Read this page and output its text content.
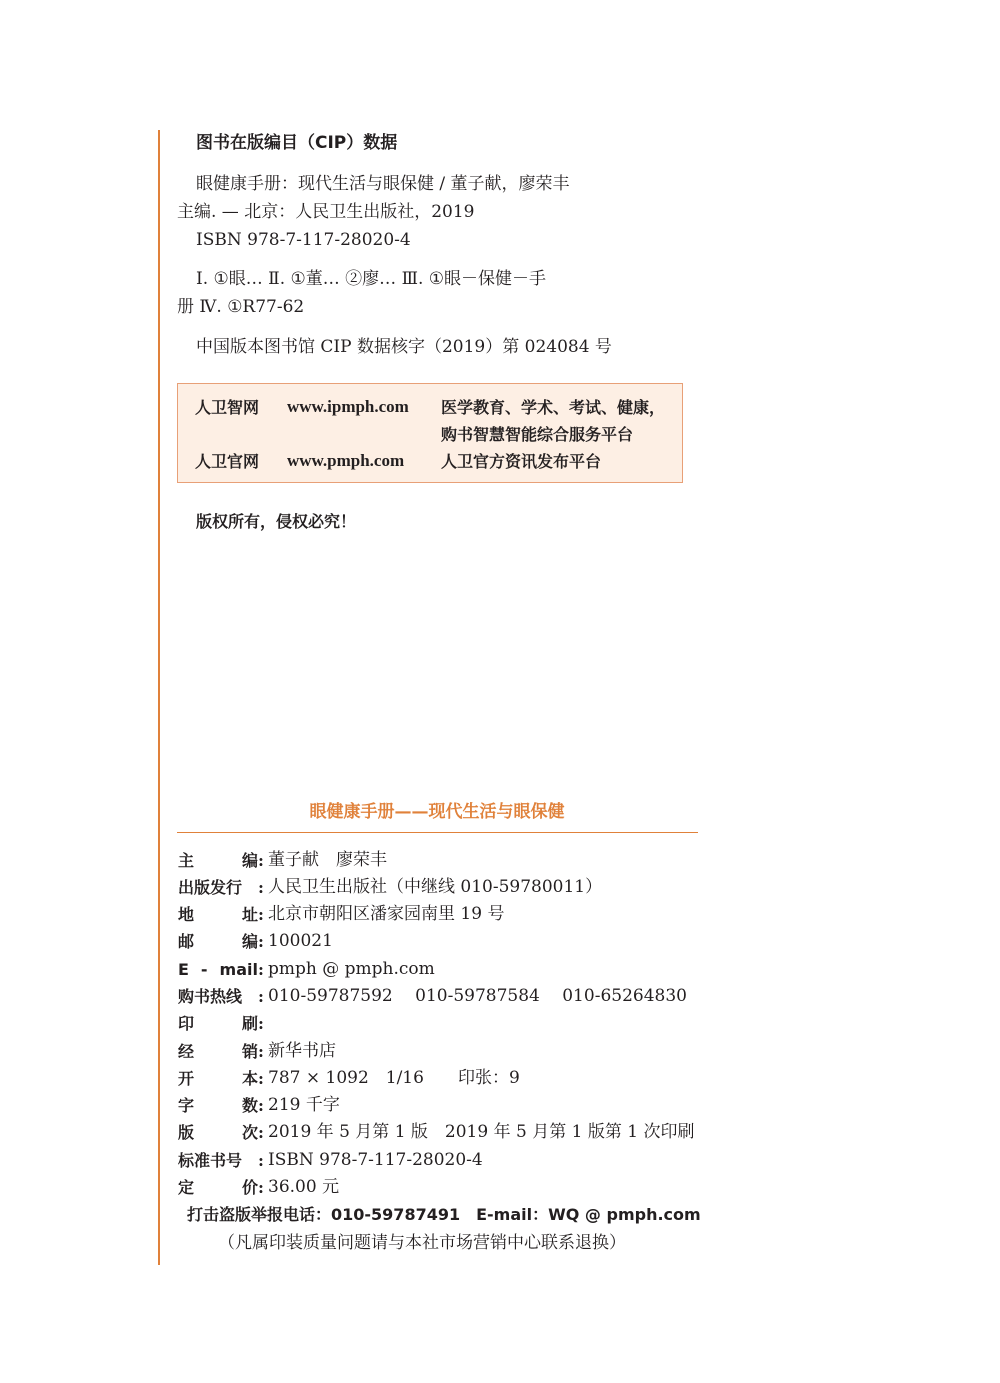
图书在版编目（CIP）数据
眼健康手册：现代生活与眼保健 / 董子献，廖荣丰
主编. — 北京：人民卫生出版社，2019
ISBN 978-7-117-28020-4
Ⅰ. ①眼… Ⅱ. ①董… ②廖… Ⅲ. ①眼－保健－手
册 Ⅳ. ①R77-62
中国版本图书馆 CIP 数据核字（2019）第 024084 号
人卫智网 www.ipmph.com 医学教育、学术、考试、健康，
购书智慧智能综合服务平台
人卫官网 www.pmph.com 人卫官方资讯发布平台
版权所有，侵权必究！
眼健康手册——现代生活与眼保健
主	编 : 董子献　廖荣丰
出版发行 : 人民卫生出版社（中继线 010-59780011）
地	址 : 北京市朝阳区潘家园南里 19 号
邮	编 : 100021
E - mail : pmph @ pmph.com
购书热线 : 010-59787592　 010-59787584　 010-65264830
印	刷 :
经	销 : 新华书店
开	本 : 787 × 1092　1/16　　印张：9
字	数 : 219 千字
版	次 : 2019 年 5 月第 1 版　2019 年 5 月第 1 版第 1 次印刷
标准书号 : ISBN 978-7-117-28020-4
定	价 : 36.00 元
打击盗版举报电话：010-59787491　E-mail：WQ @ pmph.com
（凡属印装质量问题请与本社市场营销中心联系退换）
